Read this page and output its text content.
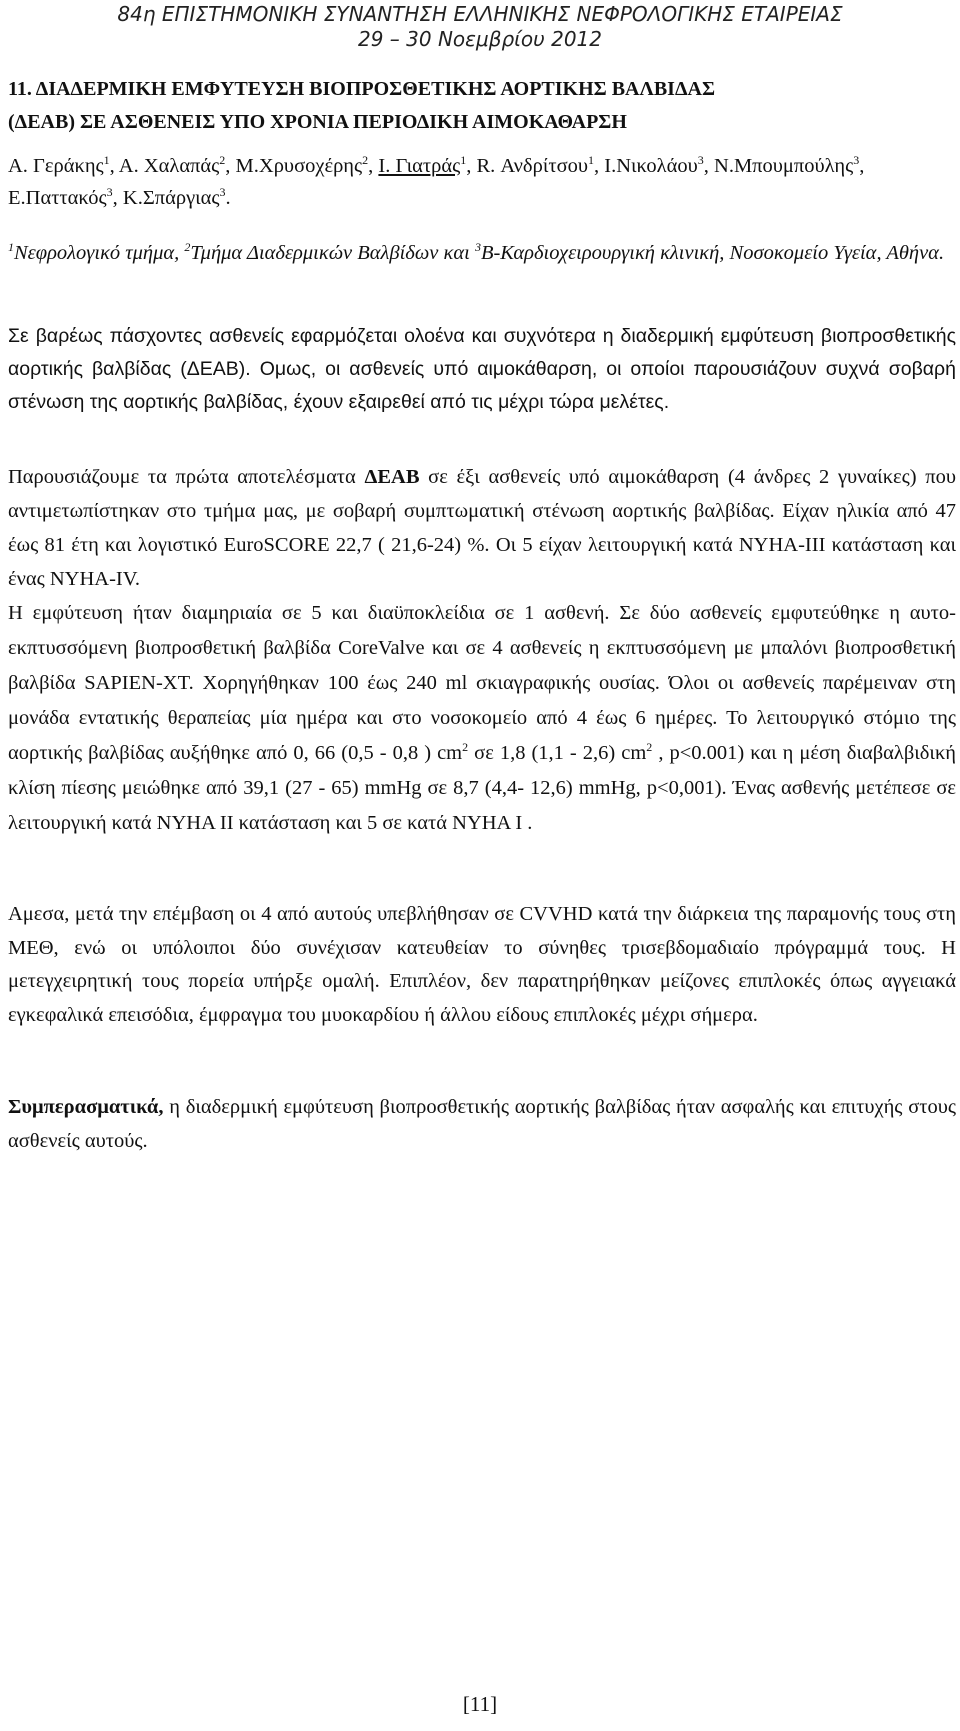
84η ΕΠΙΣΤΗΜΟΝΙΚΗ ΣΥΝΑΝΤΗΣΗ ΕΛΛΗΝΙΚΗΣ ΝΕΦΡΟΛΟΓΙΚΗΣ ΕΤΑΙΡΕΙΑΣ
29 – 30 Νοεμβρίου 2012
11. ΔΙΑΔΕΡΜΙΚΗ ΕΜΦΥΤΕΥΣΗ ΒΙΟΠΡΟΣΘΕΤΙΚΗΣ ΑΟΡΤΙΚΗΣ ΒΑΛΒΙΔΑΣ
(ΔΕΑΒ) ΣΕ ΑΣΘΕΝΕΙΣ ΥΠΟ ΧΡΟΝΙΑ ΠΕΡΙΟΔΙΚΗ ΑΙΜΟΚΑΘΑΡΣΗ
Α. Γεράκης$^1$, Α. Χαλαπάς$^2$, Μ.Χρυσοχέρης$^2$, Ι. Γιατράς$^1$, R. Ανδρίτσου$^1$, Ι.Νικολάου$^3$, Ν.Μπουμπούλης$^3$, Ε.Παττακός$^3$, Κ.Σπάργιας$^3$.
$^1$Νεφρολογικό τμήμα, $^2$Τμήμα Διαδερμικών Βαλβίδων και $^3$Β-Καρδιοχειρουργική κλινική, Νοσοκομείο Υγεία, Αθήνα.
Σε βαρέως πάσχοντες ασθενείς εφαρμόζεται ολοένα και συχνότερα η διαδερμική εμφύτευση βιοπροσθετικής αορτικής βαλβίδας (ΔΕΑΒ). Ομως, οι ασθενείς υπό αιμοκάθαρση, οι οποίοι παρουσιάζουν συχνά σοβαρή στένωση της αορτικής βαλβίδας, έχουν εξαιρεθεί από τις μέχρι τώρα μελέτες.
Παρουσιάζουμε τα πρώτα αποτελέσματα ΔΕΑΒ σε έξι ασθενείς υπό αιμοκάθαρση (4 άνδρες 2 γυναίκες) που αντιμετωπίστηκαν στο τμήμα μας, με σοβαρή συμπτωματική στένωση αορτικής βαλβίδας. Είχαν ηλικία από 47 έως 81 έτη και λογιστικό EuroSCORE 22,7 ( 21,6-24) %. Οι 5 είχαν λειτουργική κατά NYHA-III κατάσταση και ένας NYHA-IV.
Η εμφύτευση ήταν διαμηριαία σε 5 και διαϋποκλείδια σε 1 ασθενή. Σε δύο ασθενείς εμφυτεύθηκε η αυτο-εκπτυσσόμενη βιοπροσθετική βαλβίδα CoreValve και σε 4 ασθενείς η εκπτυσσόμενη με μπαλόνι βιοπροσθετική βαλβίδα SAPIEN-XT. Χορηγήθηκαν 100 έως 240 ml σκιαγραφικής ουσίας. Όλοι οι ασθενείς παρέμειναν στη μονάδα εντατικής θεραπείας μία ημέρα και στο νοσοκομείο από 4 έως 6 ημέρες. Το λειτουργικό στόμιο της αορτικής βαλβίδας αυξήθηκε από 0, 66 (0,5 - 0,8 ) $cm^2$ σε 1,8 (1,1 - 2,6) $cm^2$ , p<0.001) και η μέση διαβαλβιδική κλίση πίεσης μειώθηκε από 39,1 (27 - 65) mmHg σε 8,7 (4,4- 12,6) mmHg, p<0,001). Ένας ασθενής μετέπεσε σε λειτουργική κατά NYHA II κατάσταση και 5 σε κατά NYHA I .
Αμεσα, μετά την επέμβαση οι 4 από αυτούς υπεβλήθησαν σε CVVHD κατά την διάρκεια της παραμονής τους στη ΜΕΘ, ενώ οι υπόλοιποι δύο συνέχισαν κατευθείαν το σύνηθες τρισεβδομαδιαίο πρόγραμμά τους. Η μετεγχειρητική τους πορεία υπήρξε ομαλή. Επιπλέον, δεν παρατηρήθηκαν μείζονες επιπλοκές όπως αγγειακά εγκεφαλικά επεισόδια, έμφραγμα του μυοκαρδίου ή άλλου είδους επιπλοκές μέχρι σήμερα.
Συμπερασματικά, η διαδερμική εμφύτευση βιοπροσθετικής αορτικής βαλβίδας ήταν ασφαλής και επιτυχής στους ασθενείς αυτούς.
[11]
